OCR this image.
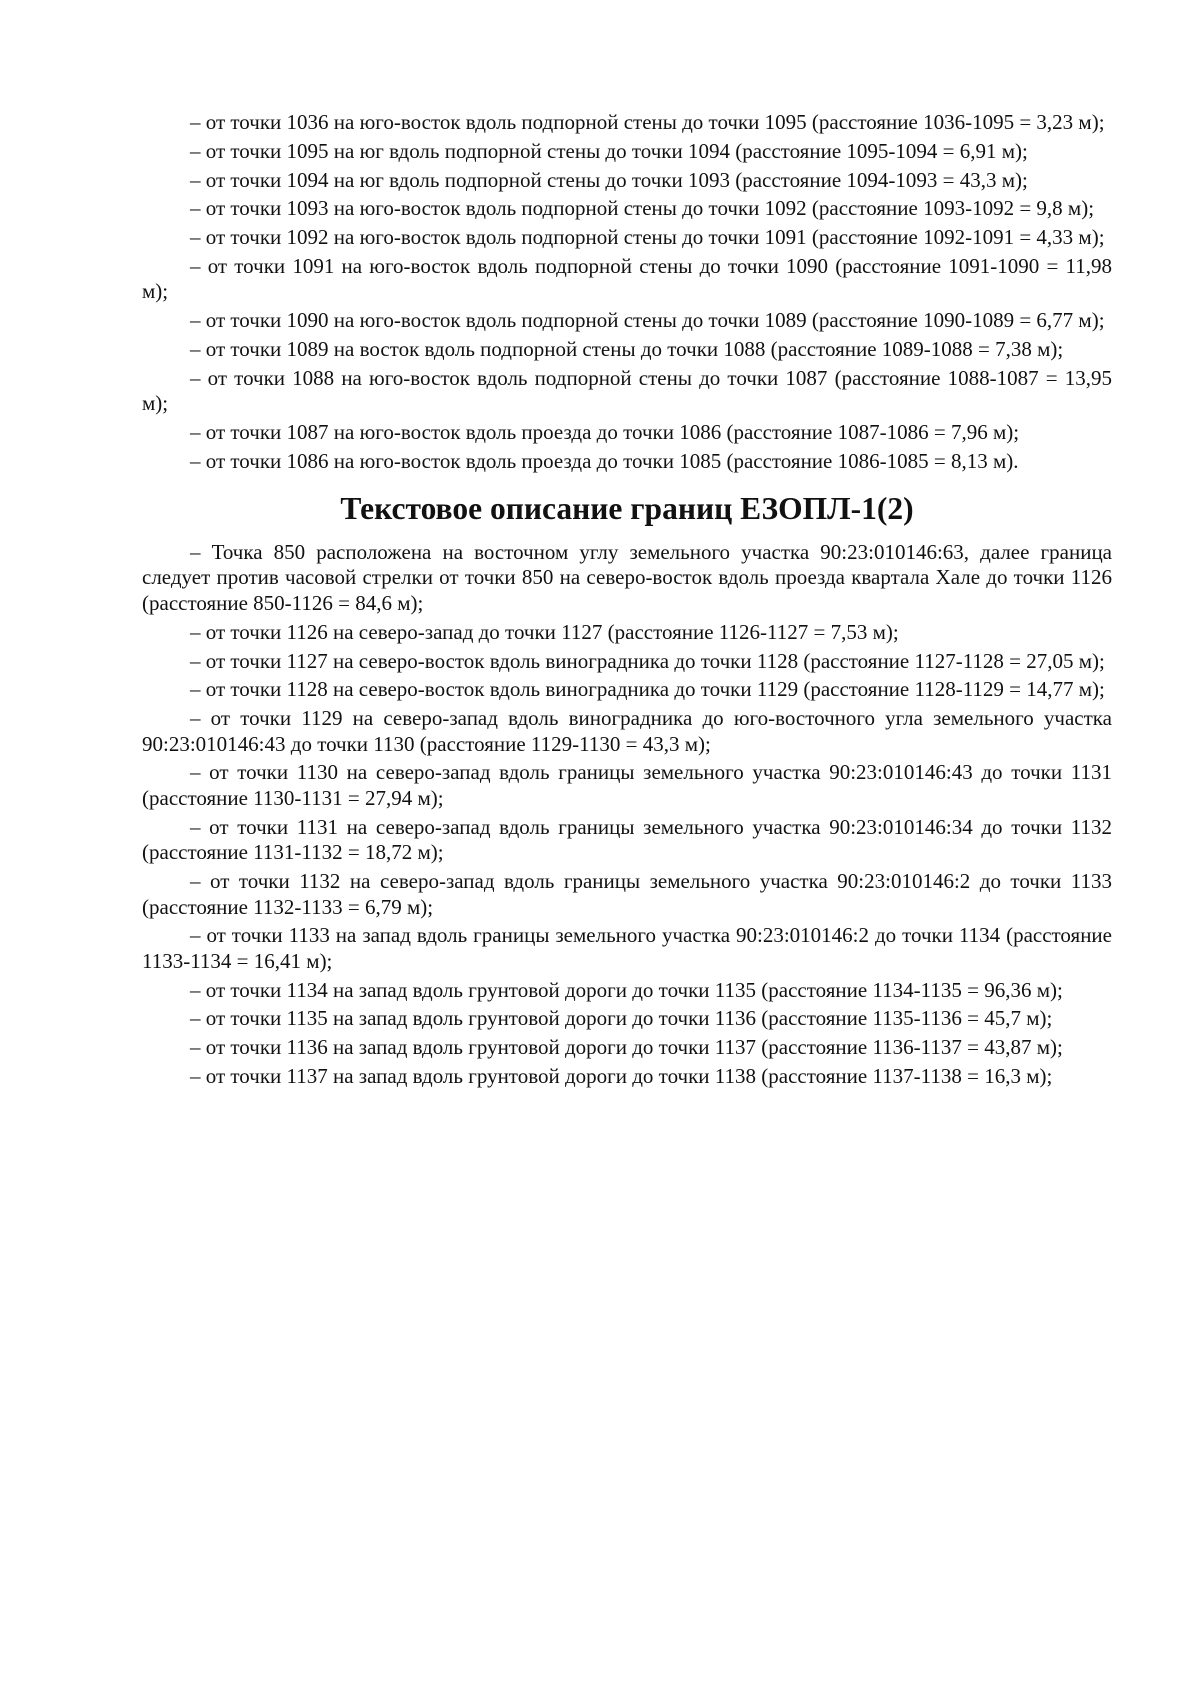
– от точки 1036 на юго-восток вдоль подпорной стены до точки 1095 (расстояние 1036-1095 = 3,23 м);

– от точки 1095 на юг вдоль подпорной стены до точки 1094 (расстояние 1095-1094 = 6,91 м);

– от точки 1094 на юг вдоль подпорной стены до точки 1093 (расстояние 1094-1093 = 43,3 м);

– от точки 1093 на юго-восток вдоль подпорной стены до точки 1092 (расстояние 1093-1092 = 9,8 м);

– от точки 1092 на юго-восток вдоль подпорной стены до точки 1091 (расстояние 1092-1091 = 4,33 м);

– от точки 1091 на юго-восток вдоль подпорной стены до точки 1090 (расстояние 1091-1090 = 11,98 м);

– от точки 1090 на юго-восток вдоль подпорной стены до точки 1089 (расстояние 1090-1089 = 6,77 м);

– от точки 1089 на восток вдоль подпорной стены до точки 1088 (расстояние 1089-1088 = 7,38 м);

– от точки 1088 на юго-восток вдоль подпорной стены до точки 1087 (расстояние 1088-1087 = 13,95 м);

– от точки 1087 на юго-восток вдоль проезда до точки 1086 (расстояние 1087-1086 = 7,96 м);

– от точки 1086 на юго-восток вдоль проезда до точки 1085 (расстояние 1086-1085 = 8,13 м).

Текстовое описание границ ЕЗОПЛ-1(2)

– Точка 850 расположена на восточном углу земельного участка 90:23:010146:63, далее граница следует против часовой стрелки от точки 850 на северо-восток вдоль проезда квартала Хале до точки 1126 (расстояние 850-1126 = 84,6 м);

– от точки 1126 на северо-запад до точки 1127 (расстояние 1126-1127 = 7,53 м);

– от точки 1127 на северо-восток вдоль виноградника до точки 1128 (расстояние 1127-1128 = 27,05 м);

– от точки 1128 на северо-восток вдоль виноградника до точки 1129 (расстояние 1128-1129 = 14,77 м);

– от точки 1129 на северо-запад вдоль виноградника до юго-восточного угла земельного участка 90:23:010146:43 до точки 1130 (расстояние 1129-1130 = 43,3 м);

– от точки 1130 на северо-запад вдоль границы земельного участка 90:23:010146:43 до точки 1131 (расстояние 1130-1131 = 27,94 м);

– от точки 1131 на северо-запад вдоль границы земельного участка 90:23:010146:34 до точки 1132 (расстояние 1131-1132 = 18,72 м);

– от точки 1132 на северо-запад вдоль границы земельного участка 90:23:010146:2 до точки 1133 (расстояние 1132-1133 = 6,79 м);

– от точки 1133 на запад вдоль границы земельного участка 90:23:010146:2 до точки 1134 (расстояние 1133-1134 = 16,41 м);

– от точки 1134 на запад вдоль грунтовой дороги до точки 1135 (расстояние 1134-1135 = 96,36 м);

– от точки 1135 на запад вдоль грунтовой дороги до точки 1136 (расстояние 1135-1136 = 45,7 м);

– от точки 1136 на запад вдоль грунтовой дороги до точки 1137 (расстояние 1136-1137 = 43,87 м);

– от точки 1137 на запад вдоль грунтовой дороги до точки 1138 (расстояние 1137-1138 = 16,3 м);
